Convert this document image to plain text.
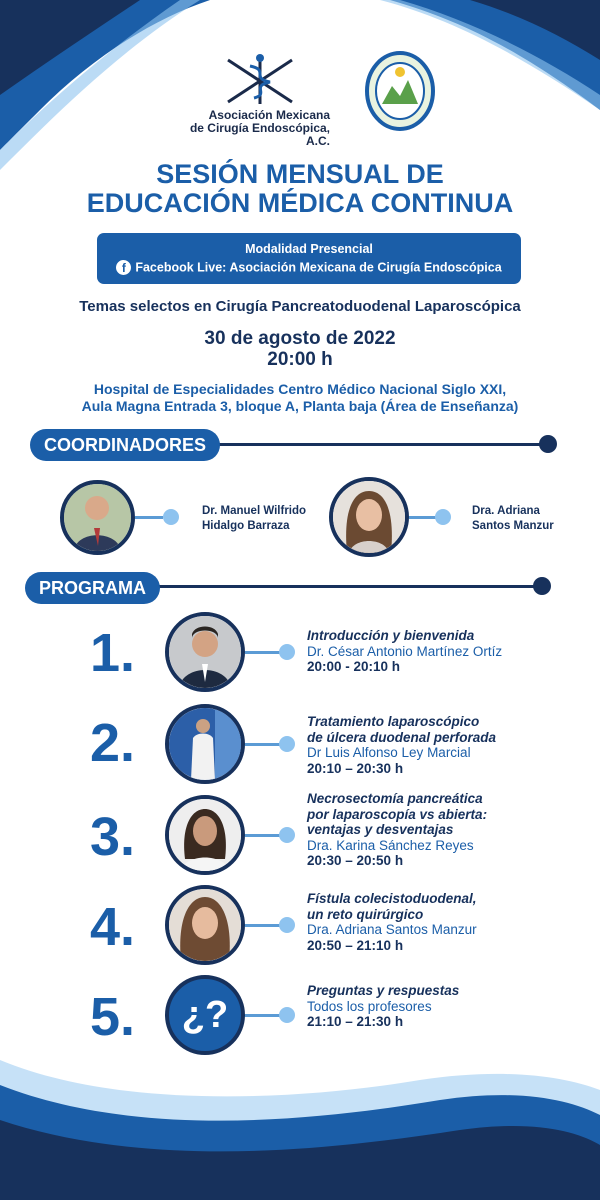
Asociación Mexicana
de Cirugía Endoscópica, A.C.
SESIÓN MENSUAL DE
EDUCACIÓN MÉDICA CONTINUA
Modalidad Presencial
f Facebook Live: Asociación Mexicana de Cirugía Endoscópica
Temas selectos en Cirugía Pancreatoduodenal Laparoscópica
30 de agosto de 2022
20:00 h
Hospital de Especialidades Centro Médico Nacional Siglo XXI,
Aula Magna Entrada 3, bloque A, Planta baja (Área de Enseñanza)
COORDINADORES
Dr. Manuel Wilfrido
Hidalgo Barraza
Dra. Adriana
Santos Manzur
PROGRAMA
1.	Introducción y bienvenida
Dr. César Antonio Martínez Ortíz
20:00 - 20:10 h
2.	Tratamiento laparoscópico
de úlcera duodenal perforada
Dr Luis Alfonso Ley Marcial
20:10 – 20:30 h
3.
Necrosectomía pancreática
por laparoscopía vs abierta:
ventajas y desventajas
Dra. Karina Sánchez Reyes
20:30 – 20:50 h
4.	Fístula colecistoduodenal,
un reto quirúrgico
Dra. Adriana Santos Manzur
20:50 – 21:10 h
5.	¿?
Preguntas y respuestas
Todos los profesores
21:10 – 21:30 h
